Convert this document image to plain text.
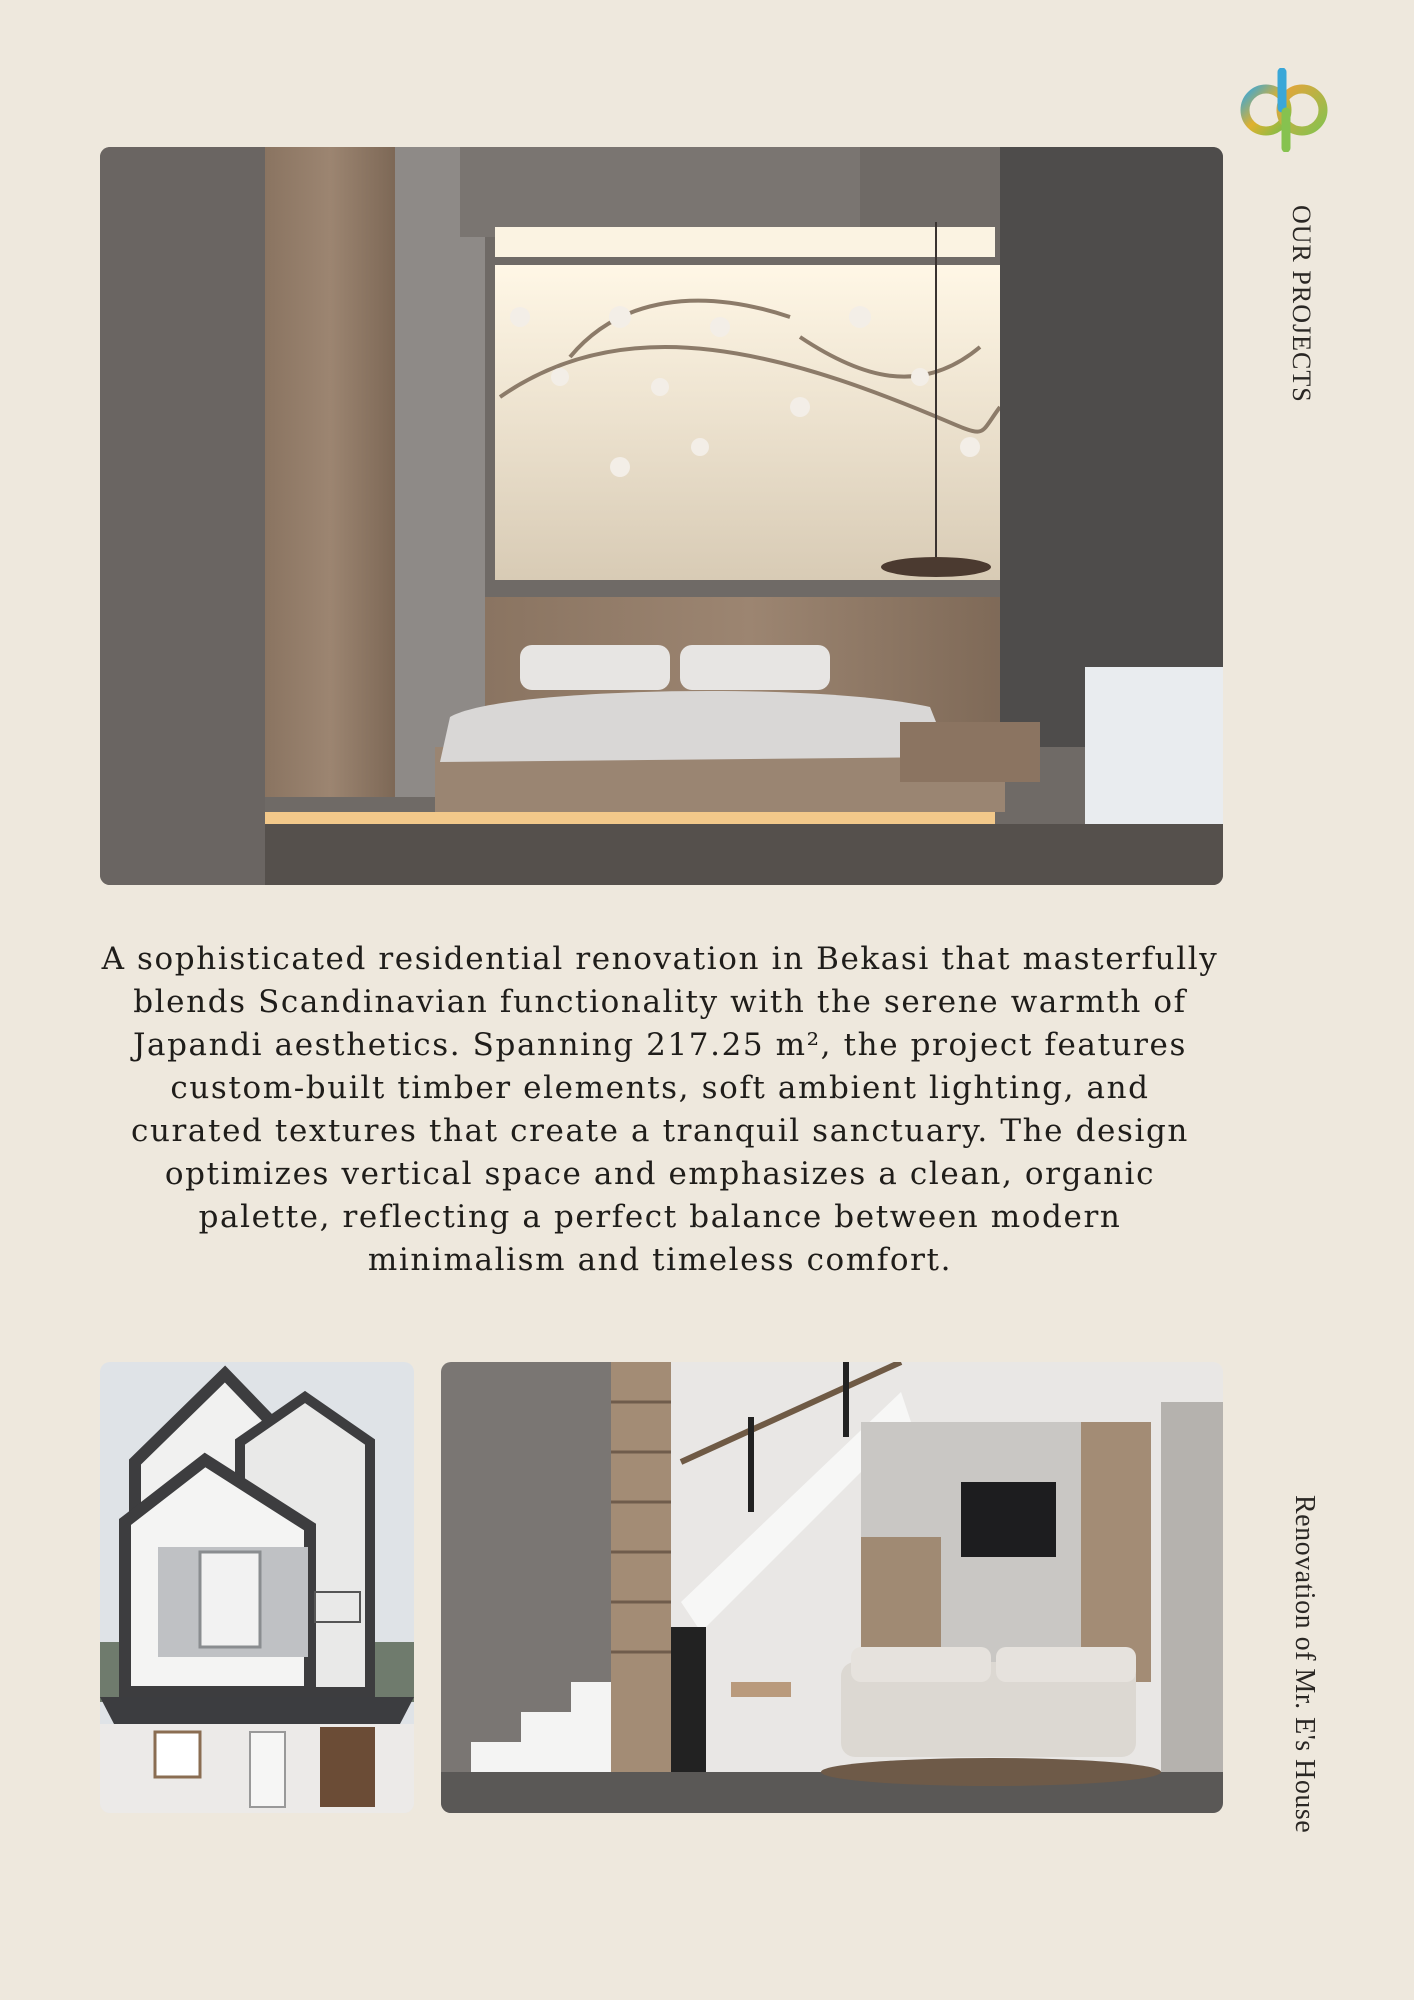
OUR PROJECTS

A sophisticated residential renovation in Bekasi that masterfully blends Scandinavian functionality with the serene warmth of Japandi aesthetics. Spanning 217.25 m², the project features custom-built timber elements, soft ambient lighting, and curated textures that create a tranquil sanctuary. The design optimizes vertical space and emphasizes a clean, organic palette, reflecting a perfect balance between modern minimalism and timeless comfort.

Renovation of Mr. E's House
